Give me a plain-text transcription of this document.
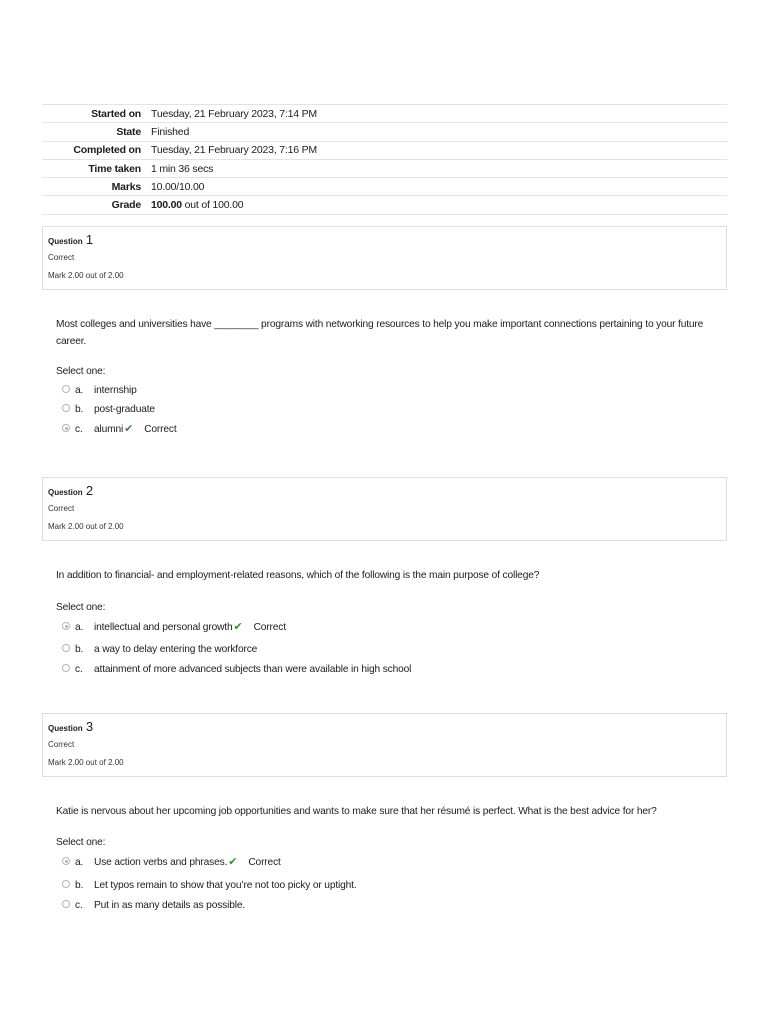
Started on	Tuesday, 21 February 2023, 7:14 PM
State	Finished
Completed on	Tuesday, 21 February 2023, 7:16 PM
Time taken	1 min 36 secs
Marks	10.00/10.00
Grade	100.00 out of 100.00
Question 1
Correct
Mark 2.00 out of 2.00
Most colleges and universities have ________ programs with networking resources to help you make important connections pertaining to your future career.
Select one:
a. internship
b. post-graduate
c. alumni✔ Correct
Question 2
Correct
Mark 2.00 out of 2.00
In addition to financial- and employment-related reasons, which of the following is the main purpose of college?
Select one:
a. intellectual and personal growth✔ Correct
b. a way to delay entering the workforce
c. attainment of more advanced subjects than were available in high school
Question 3
Correct
Mark 2.00 out of 2.00
Katie is nervous about her upcoming job opportunities and wants to make sure that her résumé is perfect. What is the best advice for her?
Select one:
a. Use action verbs and phrases.✔ Correct
b. Let typos remain to show that you’re not too picky or uptight.
c. Put in as many details as possible.
